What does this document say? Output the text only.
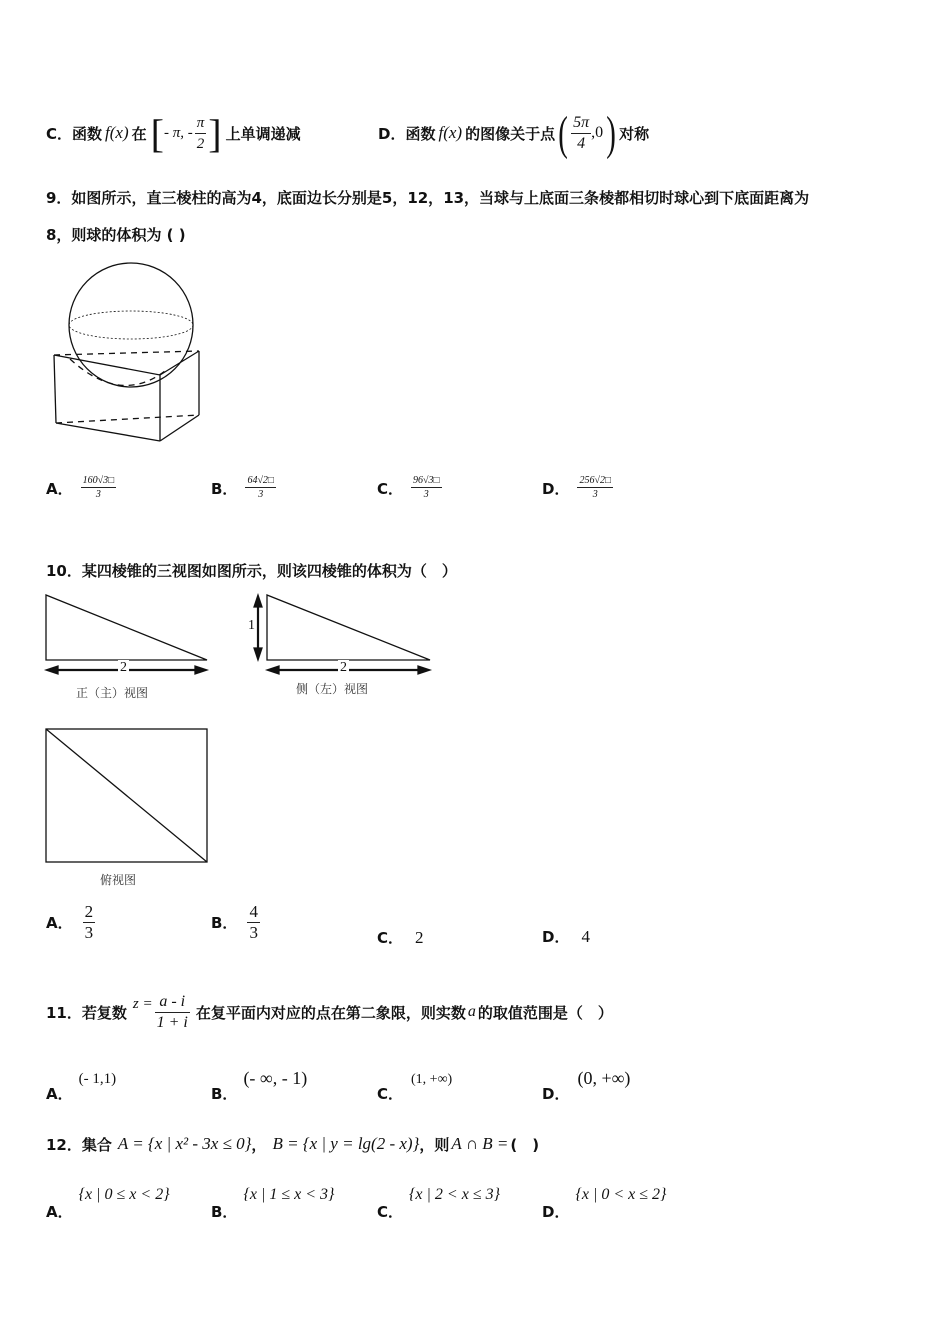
C． 函数 f(x) 在 [ - π, - $\frac{\pi}{2}$ ] 上单调递减	D． 函数 f(x) 的图像关于点 ( $\frac{5\pi}{4} ,0$ ) 对称
9．如图所示，直三棱柱的高为4，底面边长分别是5，12，13，当球与上底面三条棱都相切时球心到下底面距离为
8，则球的体积为 ( )
A． $\frac{160√3□}{3}$	B． $\frac{64√2□}{3}$	C． $\frac{96√3□}{3}$	D． $\frac{256√2□}{3}$
10．某四棱锥的三视图如图所示，则该四棱锥的体积为（　）
2
正（主）视图
1
2
侧（左）视图
俯视图
A． $\frac{2}{3}$	B． $\frac{4}{3}$	C． 2	D． 4
11．若复数 $z = \frac{a - i}{1 + i}$ 在复平面内对应的点在第二象限，则实数 a 的取值范围是（　）
A．
(- 1,1)
B．
(- ∞, - 1)
C．
(1, +∞)
D．
(0, +∞)
12．集合 A = {x | x² - 3x ≤ 0} ， B = {x | y = lg(2 - x)} ，则 A ∩ B = (　)
A．
{x | 0 ≤ x < 2}
B．
{x | 1 ≤ x < 3}
C．
{x | 2 < x ≤ 3}
D．
{x | 0 < x ≤ 2}
